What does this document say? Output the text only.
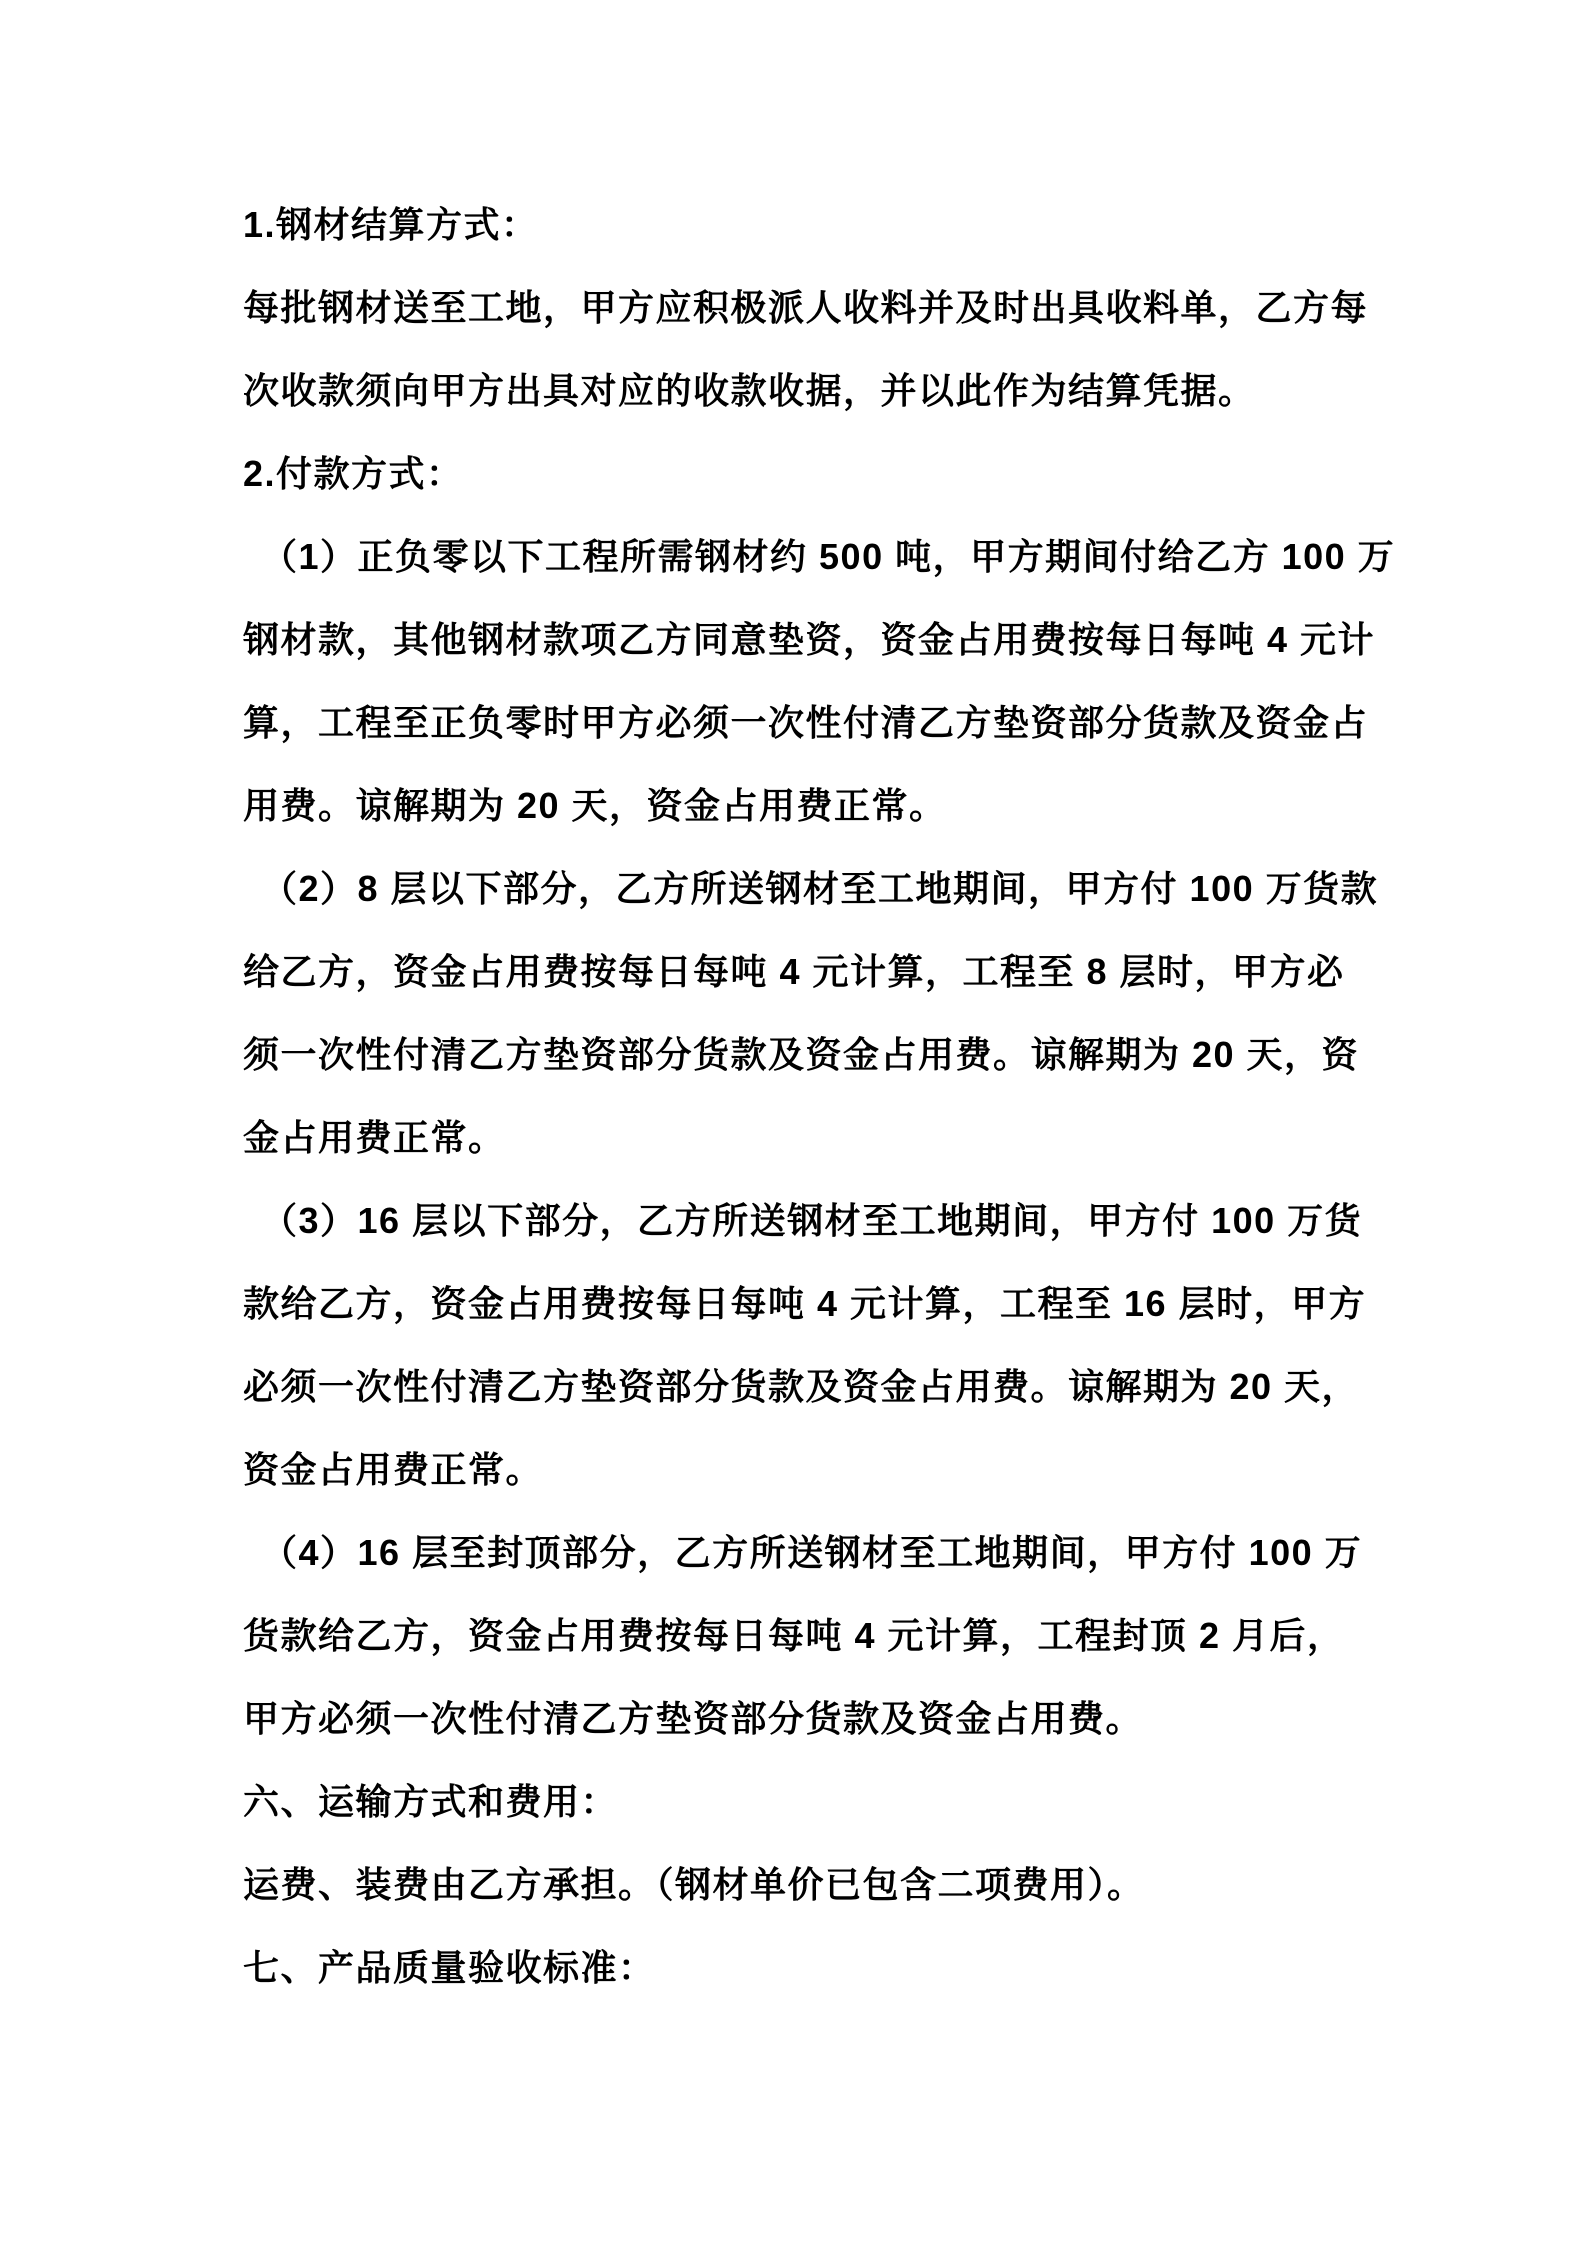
1.钢材结算方式：
每批钢材送至工地，甲方应积极派人收料并及时出具收料单，乙方每
次收款须向甲方出具对应的收款收据，并以此作为结算凭据。
2.付款方式：
（1）正负零以下工程所需钢材约 500 吨，甲方期间付给乙方 100 万
钢材款，其他钢材款项乙方同意垫资，资金占用费按每日每吨 4 元计
算，工程至正负零时甲方必须一次性付清乙方垫资部分货款及资金占
用费。谅解期为 20 天，资金占用费正常。
（2）8 层以下部分，乙方所送钢材至工地期间，甲方付 100 万货款
给乙方，资金占用费按每日每吨 4 元计算，工程至 8 层时，甲方必
须一次性付清乙方垫资部分货款及资金占用费。谅解期为 20 天，资
金占用费正常。
（3）16 层以下部分，乙方所送钢材至工地期间，甲方付 100 万货
款给乙方，资金占用费按每日每吨 4 元计算，工程至 16 层时，甲方
必须一次性付清乙方垫资部分货款及资金占用费。谅解期为 20 天，
资金占用费正常。
（4）16 层至封顶部分，乙方所送钢材至工地期间，甲方付 100 万
货款给乙方，资金占用费按每日每吨 4 元计算，工程封顶 2 月后，
甲方必须一次性付清乙方垫资部分货款及资金占用费。
六、运输方式和费用：
运费、装费由乙方承担。（钢材单价已包含二项费用）。
七、产品质量验收标准：
